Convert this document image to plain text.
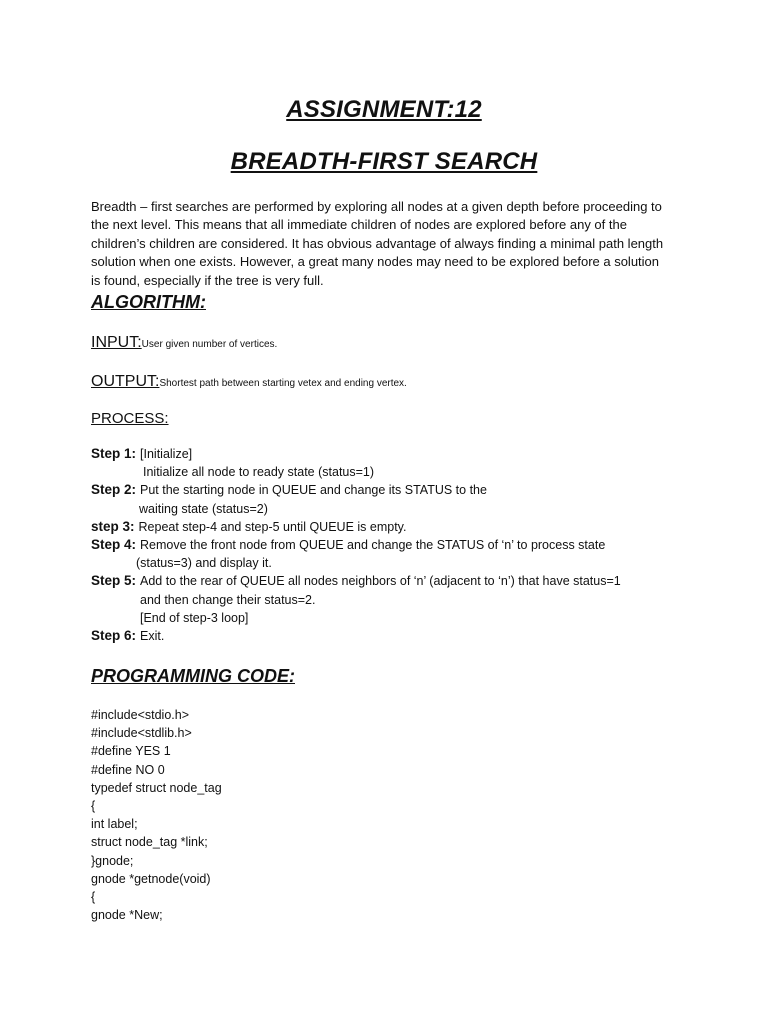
ASSIGNMENT:12
BREADTH-FIRST SEARCH
Breadth – first searches are performed by exploring all nodes at a given depth before proceeding to the next level. This means that all immediate children of nodes are explored before any of the children’s children are considered. It has obvious advantage of always finding a minimal path length solution when one exists. However, a great many nodes may need to be explored before a solution is found, especially if the tree is very full.
ALGORITHM:
INPUT:User given number of vertices.
OUTPUT:Shortest path between starting vetex and ending vertex.
PROCESS:
Step 1: [Initialize]
Initialize all node to ready state (status=1)
Step 2: Put the starting node in QUEUE and change its STATUS to the
waiting state (status=2)
step 3: Repeat step-4 and step-5 until QUEUE is empty.
Step 4: Remove the front node from QUEUE and change the STATUS of ‘n’ to process state
(status=3) and display it.
Step 5: Add to the rear of QUEUE all nodes neighbors of ‘n’ (adjacent to ‘n’) that have status=1
and then change their status=2.
[End of step-3 loop]
Step 6: Exit.
PROGRAMMING CODE:
#include<stdio.h>
#include<stdlib.h>
#define YES 1
#define NO 0
typedef struct node_tag
{
int label;
struct node_tag *link;
}gnode;
gnode *getnode(void)
{
gnode *New;
